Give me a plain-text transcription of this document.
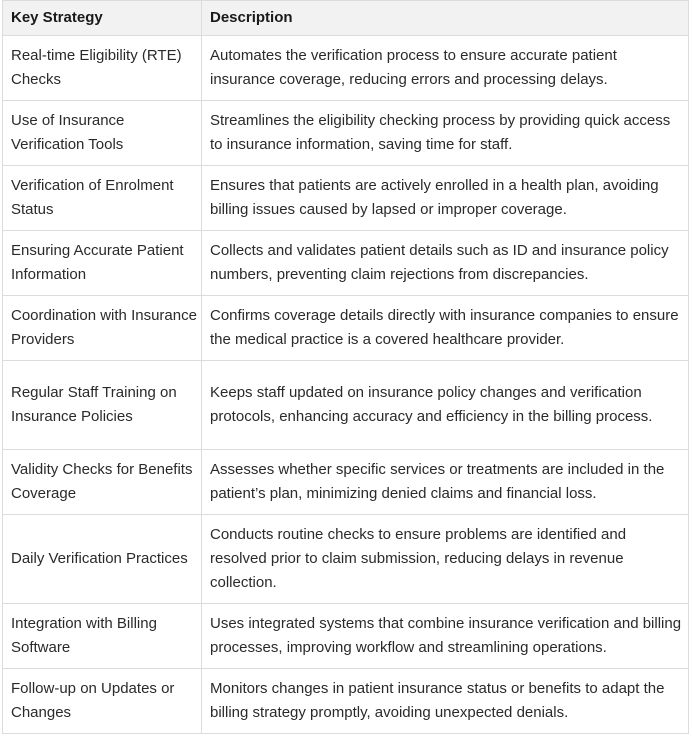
Key Strategy	Description
Real-time Eligibility (RTE) Checks	Automates the verification process to ensure accurate patient insurance coverage, reducing errors and processing delays.
Use of Insurance Verification Tools	Streamlines the eligibility checking process by providing quick access to insurance information, saving time for staff.
Verification of Enrolment Status	Ensures that patients are actively enrolled in a health plan, avoiding billing issues caused by lapsed or improper coverage.
Ensuring Accurate Patient Information	Collects and validates patient details such as ID and insurance policy numbers, preventing claim rejections from discrepancies.
Coordination with Insurance Providers	Confirms coverage details directly with insurance companies to ensure the medical practice is a covered healthcare provider.
Regular Staff Training on Insurance Policies	Keeps staff updated on insurance policy changes and verification protocols, enhancing accuracy and efficiency in the billing process.
Validity Checks for Benefits Coverage	Assesses whether specific services or treatments are included in the patient’s plan, minimizing denied claims and financial loss.
Daily Verification Practices	Conducts routine checks to ensure problems are identified and resolved prior to claim submission, reducing delays in revenue collection.
Integration with Billing Software	Uses integrated systems that combine insurance verification and billing processes, improving workflow and streamlining operations.
Follow-up on Updates or Changes	Monitors changes in patient insurance status or benefits to adapt the billing strategy promptly, avoiding unexpected denials.
